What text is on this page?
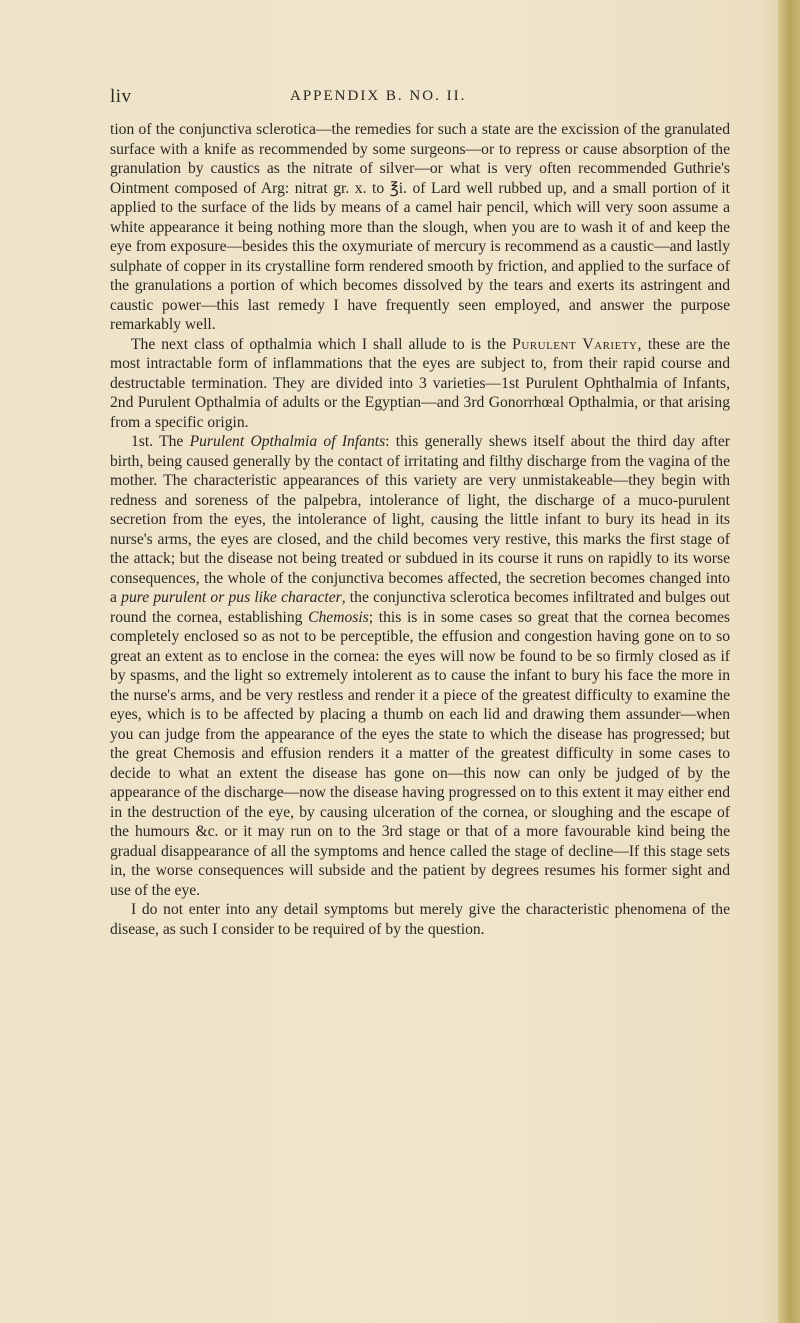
liv	APPENDIX B. NO. II.

tion of the conjunctiva sclerotica—the remedies for such a state are the excission of the granulated surface with a knife as recommended by some surgeons—or to repress or cause absorption of the granulation by caustics as the nitrate of silver—or what is very often recommended Guthrie's Ointment composed of Arg: nitrat gr. x. to ℥i. of Lard well rubbed up, and a small portion of it applied to the surface of the lids by means of a camel hair pencil, which will very soon assume a white appearance it being nothing more than the slough, when you are to wash it of and keep the eye from exposure—besides this the oxymuriate of mercury is recommend as a caustic—and lastly sulphate of copper in its crystalline form rendered smooth by friction, and applied to the surface of the granulations a portion of which becomes dissolved by the tears and exerts its astringent and caustic power—this last remedy I have frequently seen employed, and answer the purpose remarkably well.

The next class of opthalmia which I shall allude to is the Purulent Variety, these are the most intractable form of inflammations that the eyes are subject to, from their rapid course and destructable termination. They are divided into 3 varieties—1st Purulent Ophthalmia of Infants, 2nd Purulent Opthalmia of adults or the Egyptian—and 3rd Gonorrhœal Opthalmia, or that arising from a specific origin.

1st. The Purulent Opthalmia of Infants: this generally shews itself about the third day after birth, being caused generally by the contact of irritating and filthy discharge from the vagina of the mother. The characteristic appearances of this variety are very unmistakeable—they begin with redness and soreness of the palpebra, intolerance of light, the discharge of a muco-purulent secretion from the eyes, the intolerance of light, causing the little infant to bury its head in its nurse's arms, the eyes are closed, and the child becomes very restive, this marks the first stage of the attack; but the disease not being treated or subdued in its course it runs on rapidly to its worse consequences, the whole of the conjunctiva becomes affected, the secretion becomes changed into a pure purulent or pus like character, the conjunctiva sclerotica becomes infiltrated and bulges out round the cornea, establishing Chemosis; this is in some cases so great that the cornea becomes completely enclosed so as not to be perceptible, the effusion and congestion having gone on to so great an extent as to enclose in the cornea: the eyes will now be found to be so firmly closed as if by spasms, and the light so extremely intolerent as to cause the infant to bury his face the more in the nurse's arms, and be very restless and render it a piece of the greatest difficulty to examine the eyes, which is to be affected by placing a thumb on each lid and drawing them assunder—when you can judge from the appearance of the eyes the state to which the disease has progressed; but the great Chemosis and effusion renders it a matter of the greatest difficulty in some cases to decide to what an extent the disease has gone on—this now can only be judged of by the appearance of the discharge—now the disease having progressed on to this extent it may either end in the destruction of the eye, by causing ulceration of the cornea, or sloughing and the escape of the humours &c. or it may run on to the 3rd stage or that of a more favourable kind being the gradual disappearance of all the symptoms and hence called the stage of decline—If this stage sets in, the worse consequences will subside and the patient by degrees resumes his former sight and use of the eye.

I do not enter into any detail symptoms but merely give the characteristic phenomena of the disease, as such I consider to be required of by the question.
